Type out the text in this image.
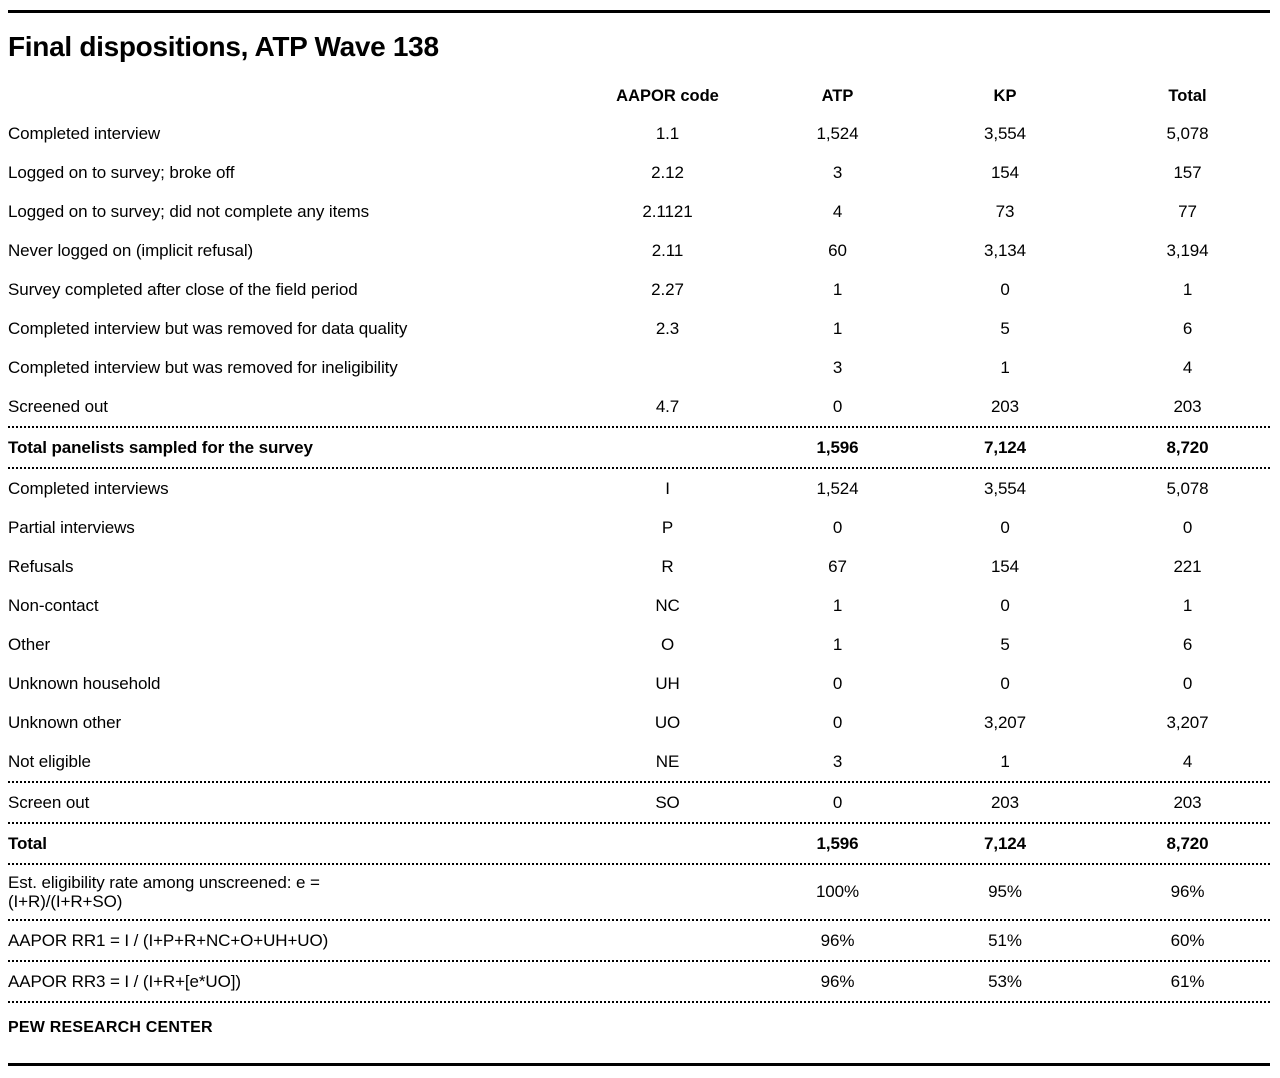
Final dispositions, ATP Wave 138
	AAPOR code	ATP	KP	Total
Completed interview	1.1	1,524	3,554	5,078
Logged on to survey; broke off	2.12	3	154	157
Logged on to survey; did not complete any items	2.1121	4	73	77
Never logged on (implicit refusal)	2.11	60	3,134	3,194
Survey completed after close of the field period	2.27	1	0	1
Completed interview but was removed for data quality	2.3	1	5	6
Completed interview but was removed for ineligibility		3	1	4
Screened out	4.7	0	203	203

Total panelists sampled for the survey		1,596	7,124	8,720

Completed interviews	I	1,524	3,554	5,078
Partial interviews	P	0	0	0
Refusals	R	67	154	221
Non-contact	NC	1	0	1
Other	O	1	5	6
Unknown household	UH	0	0	0
Unknown other	UO	0	3,207	3,207
Not eligible	NE	3	1	4

Screen out	SO	0	203	203

Total		1,596	7,124	8,720

Est. eligibility rate among unscreened: e =
(I+R)/(I+R+SO)		100%	95%	96%

AAPOR RR1 = I / (I+P+R+NC+O+UH+UO)		96%	51%	60%

AAPOR RR3 = I / (I+R+[e*UO])		96%	53%	61%

PEW RESEARCH CENTER
